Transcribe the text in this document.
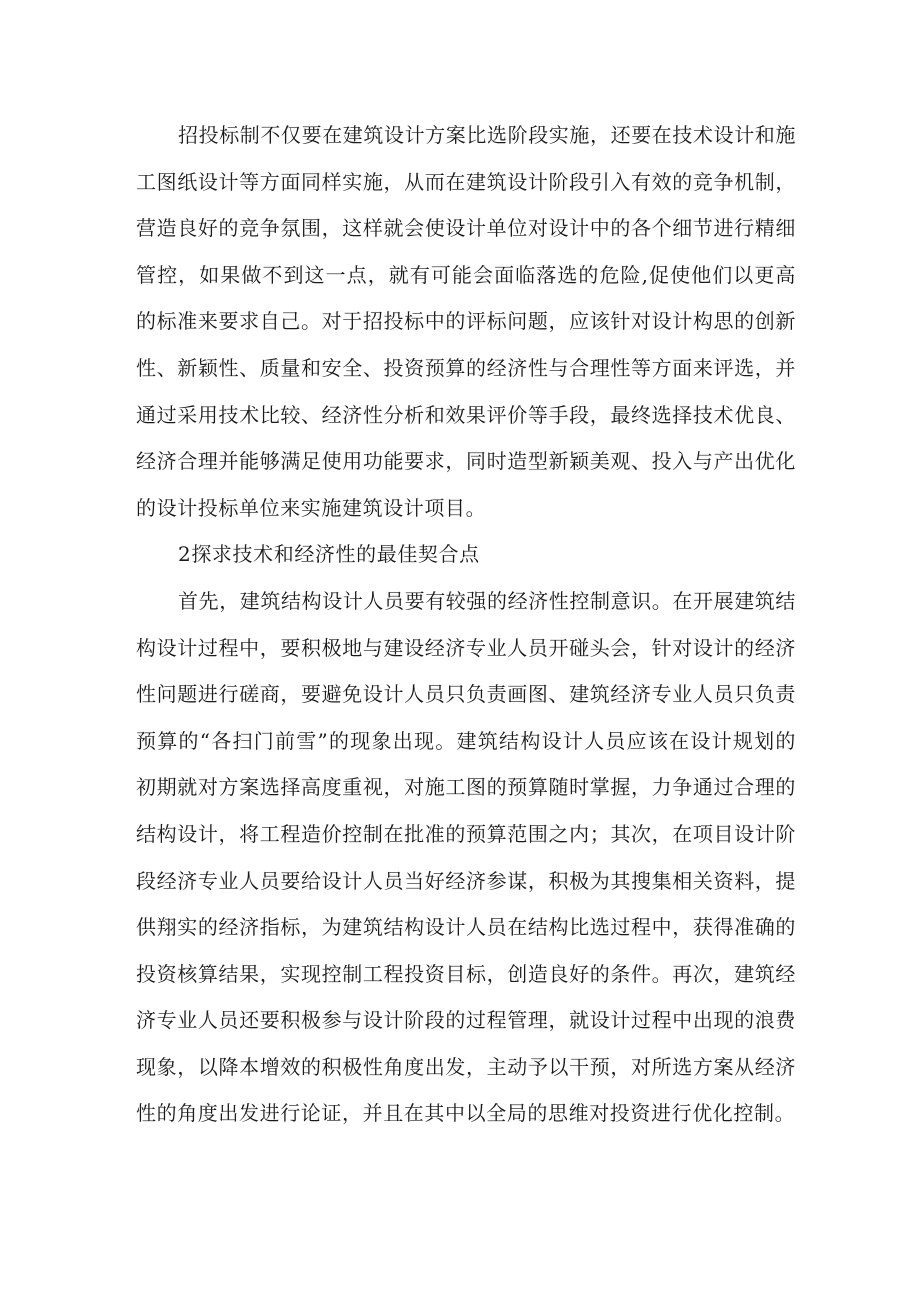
招投标制不仅要在建筑设计方案比选阶段实施，还要在技术设计和施工图纸设计等方面同样实施，从而在建筑设计阶段引入有效的竞争机制，营造良好的竞争氛围，这样就会使设计单位对设计中的各个细节进行精细管控，如果做不到这一点，就有可能会面临落选的危险,促使他们以更高的标准来要求自己。对于招投标中的评标问题，应该针对设计构思的创新性、新颖性、质量和安全、投资预算的经济性与合理性等方面来评选，并通过采用技术比较、经济性分析和效果评价等手段，最终选择技术优良、经济合理并能够满足使用功能要求，同时造型新颖美观、投入与产出优化的设计投标单位来实施建筑设计项目。

2探求技术和经济性的最佳契合点

首先，建筑结构设计人员要有较强的经济性控制意识。在开展建筑结构设计过程中，要积极地与建设经济专业人员开碰头会，针对设计的经济性问题进行磋商，要避免设计人员只负责画图、建筑经济专业人员只负责预算的“各扫门前雪”的现象出现。建筑结构设计人员应该在设计规划的初期就对方案选择高度重视，对施工图的预算随时掌握，力争通过合理的结构设计，将工程造价控制在批准的预算范围之内；其次，在项目设计阶段经济专业人员要给设计人员当好经济参谋，积极为其搜集相关资料，提供翔实的经济指标，为建筑结构设计人员在结构比选过程中，获得准确的投资核算结果，实现控制工程投资目标，创造良好的条件。再次，建筑经济专业人员还要积极参与设计阶段的过程管理，就设计过程中出现的浪费现象，以降本增效的积极性角度出发，主动予以干预，对所选方案从经济性的角度出发进行论证，并且在其中以全局的思维对投资进行优化控制。
